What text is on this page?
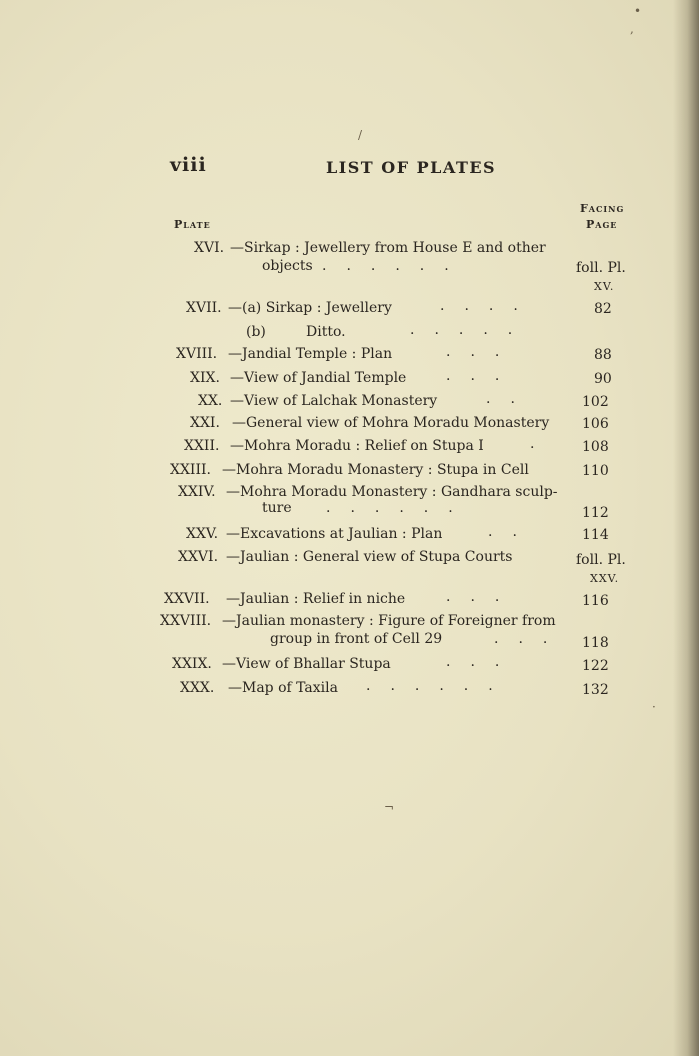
•
,
/
viii	LIST OF PLATES
Facing
Plate	Page
XVI. —Sirkap : Jewellery from House E and other
objects ......	foll. Pl.
XV.
XVII. —(a) Sirkap : Jewellery	....	82
(b)	Ditto.	.....
XVIII. —Jandial Temple : Plan	...	88
XIX. —View of Jandial Temple	...	90
XX. —View of Lalchak Monastery	..	102
XXI. —General view of Mohra Moradu Monastery 106
XXII. —Mohra Moradu : Relief on Stupa I	. 108
XXIII. —Mohra Moradu Monastery : Stupa in Cell	110
XXIV. —Mohra Moradu Monastery : Gandhara sculp-
ture ......	112
XXV. —Excavations at Jaulian : Plan	..	114
XXVI. —Jaulian : General view of Stupa Courts	foll. Pl.
XXV.
XXVII. —Jaulian : Relief in niche	...	116
XXVIII. —Jaulian monastery : Figure of Foreigner from
group in front of Cell 29	... 118
XXIX. —View of Bhallar Stupa	...	122
XXX. —Map of Taxila ......	132
·
¬
